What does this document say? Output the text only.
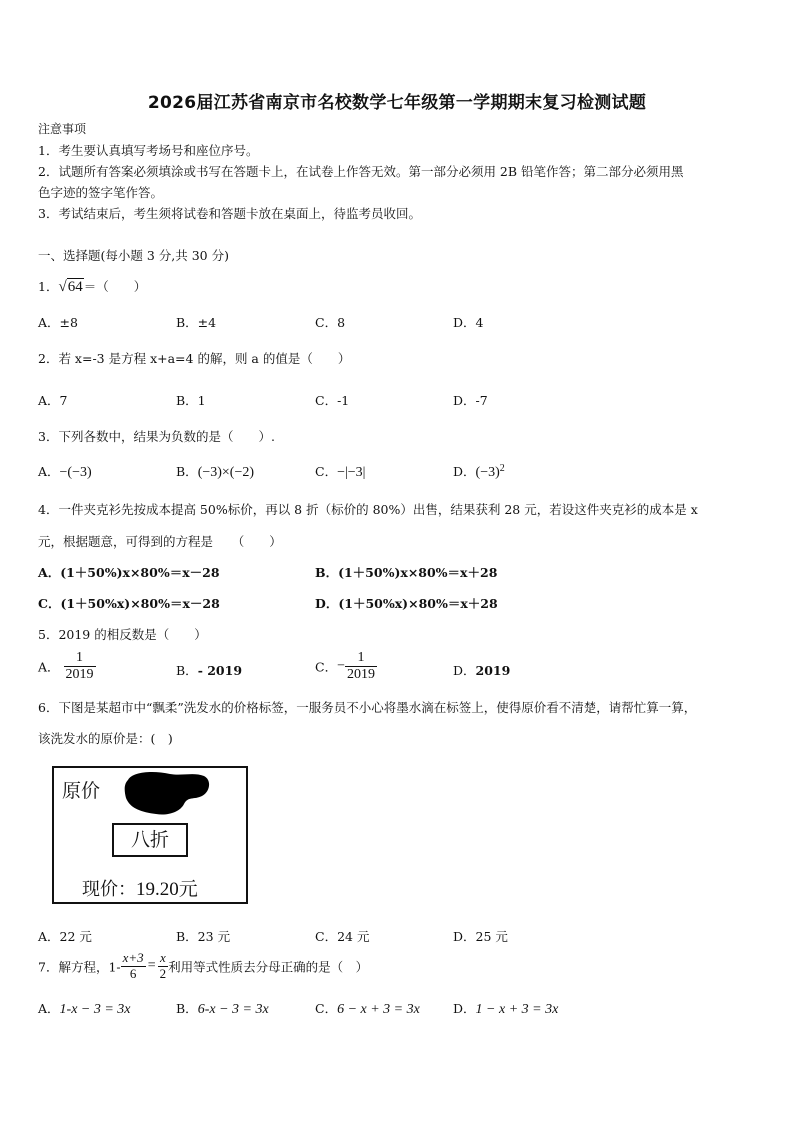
2026届江苏省南京市名校数学七年级第一学期期末复习检测试题
注意事项
1．考生要认真填写考场号和座位序号。
2．试题所有答案必须填涂或书写在答题卡上，在试卷上作答无效。第一部分必须用 2B 铅笔作答；第二部分必须用黑
色字迹的签字笔作答。
3．考试结束后，考生须将试卷和答题卡放在桌面上，待监考员收回。
一、选择题(每小题 3 分,共 30 分)
1．√64＝（　　）
A．±8	B．±4	C．8	D．4
2．若 x=-3 是方程 x+a=4 的解，则 a 的值是（　　）
A．7	B．1	C．-1	D．-7
3．下列各数中，结果为负数的是（　　）.
A．−(−3)	B．(−3)×(−2)	C．−|−3|	D．$(-3)^2$
4．一件夹克衫先按成本提高 50%标价，再以 8 折（标价的 80%）出售，结果获利 28 元，若设这件夹克衫的成本是 x
元，根据题意，可得到的方程是　　（　　）
A．(1＋50%)x×80%＝x－28	B．(1＋50%)x×80%＝x＋28
C．(1＋50%x)×80%＝x－28	D．(1＋50%x)×80%＝x＋28
5．2019 的相反数是（　　）
A． $\frac{1}{2019}$	B．- 2019	C．− $\frac{1}{2019}$	D．2019
6．下图是某超市中“飘柔”洗发水的价格标签，一服务员不小心将墨水滴在标签上，使得原价看不清楚，请帮忙算一算，
该洗发水的原价是：(　)
原价
八折
现价：19.20元
A．22 元	B．23 元	C．24 元	D．25 元
7．解方程，$1- \frac{x+3}{6} = \frac{x}{2}$ 利用等式性质去分母正确的是（　）
A．1-x − 3 = 3x	B．6-x − 3 = 3x	C．6 − x + 3 = 3x	D．1 − x + 3 = 3x
